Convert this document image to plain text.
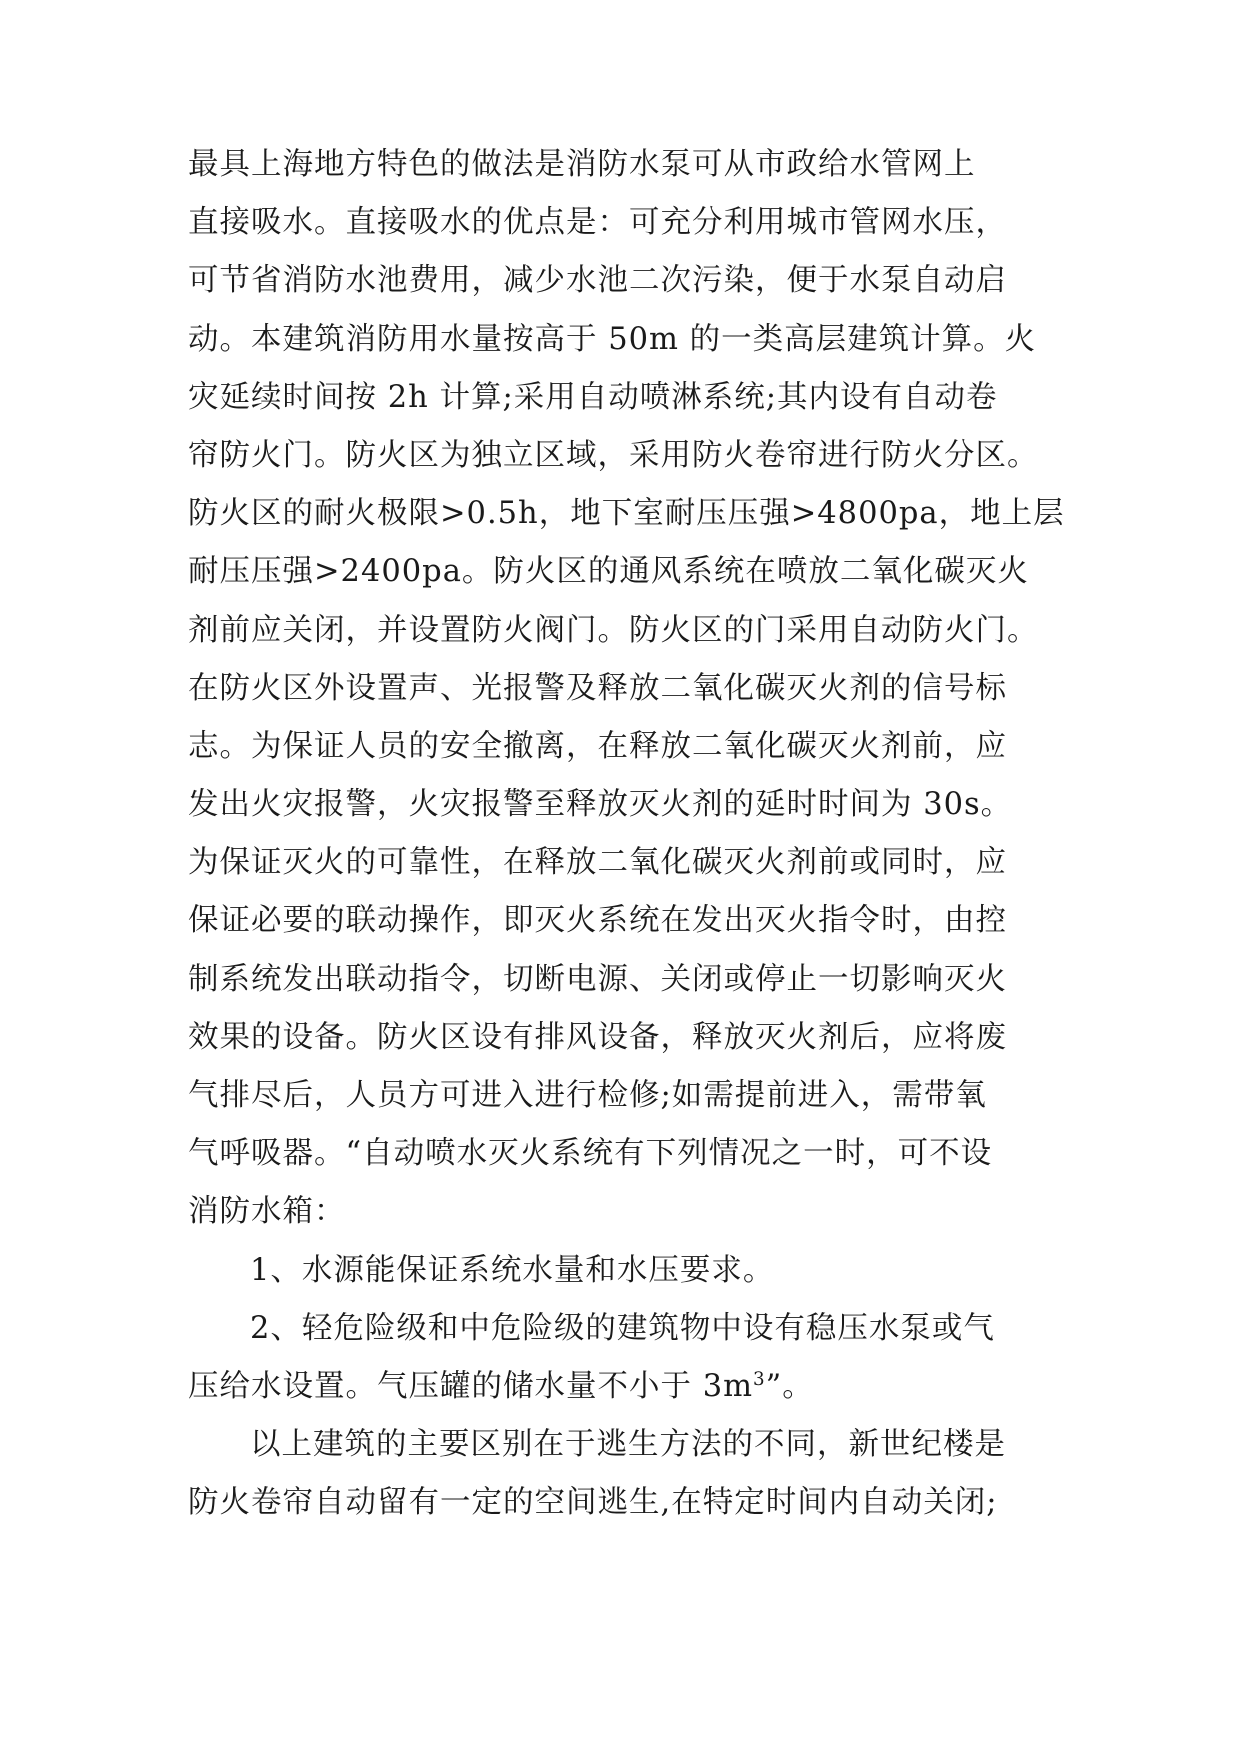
最具上海地方特色的做法是消防水泵可从市政给水管网上
直接吸水。直接吸水的优点是：可充分利用城市管网水压，
可节省消防水池费用，减少水池二次污染，便于水泵自动启
动。本建筑消防用水量按高于 50m 的一类高层建筑计算。火
灾延续时间按 2h 计算;采用自动喷淋系统;其内设有自动卷
帘防火门。防火区为独立区域，采用防火卷帘进行防火分区。
防火区的耐火极限>0.5h，地下室耐压压强>4800pa，地上层
耐压压强>2400pa。防火区的通风系统在喷放二氧化碳灭火
剂前应关闭，并设置防火阀门。防火区的门采用自动防火门。
在防火区外设置声、光报警及释放二氧化碳灭火剂的信号标
志。为保证人员的安全撤离，在释放二氧化碳灭火剂前，应
发出火灾报警，火灾报警至释放灭火剂的延时时间为 30s。
为保证灭火的可靠性，在释放二氧化碳灭火剂前或同时，应
保证必要的联动操作，即灭火系统在发出灭火指令时，由控
制系统发出联动指令，切断电源、关闭或停止一切影响灭火
效果的设备。防火区设有排风设备，释放灭火剂后，应将废
气排尽后，人员方可进入进行检修;如需提前进入，需带氧
气呼吸器。“自动喷水灭火系统有下列情况之一时，可不设
消防水箱：
1、水源能保证系统水量和水压要求。
2、轻危险级和中危险级的建筑物中设有稳压水泵或气
压给水设置。气压罐的储水量不小于 $3m^3$”。
以上建筑的主要区别在于逃生方法的不同，新世纪楼是
防火卷帘自动留有一定的空间逃生,在特定时间内自动关闭;
